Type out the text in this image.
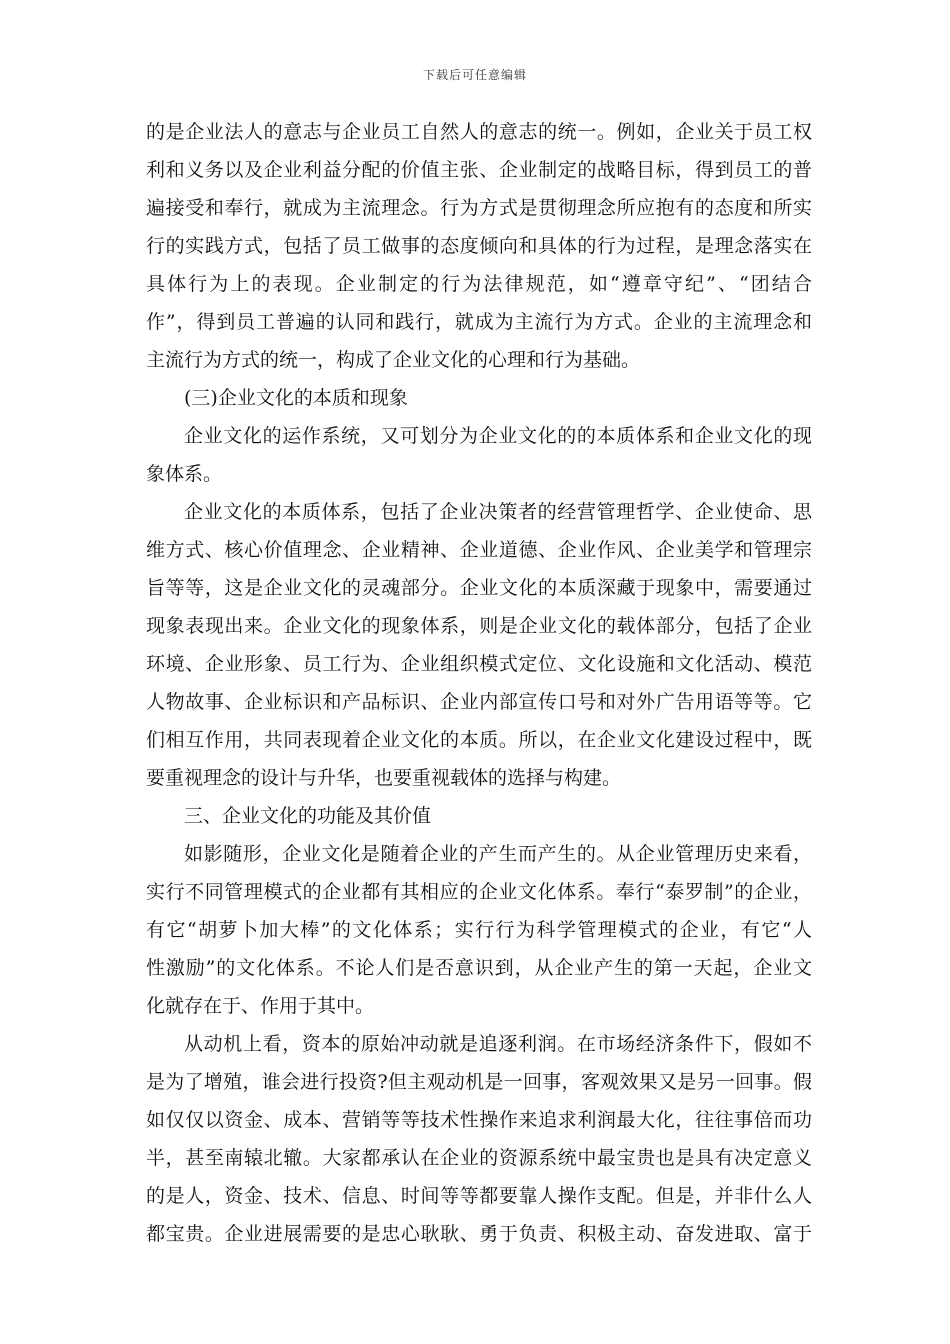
下载后可任意编辑
的是企业法人的意志与企业员工自然人的意志的统一。例如，企业关于员工权
利和义务以及企业利益分配的价值主张、企业制定的战略目标，得到员工的普
遍接受和奉行，就成为主流理念。行为方式是贯彻理念所应抱有的态度和所实
行的实践方式，包括了员工做事的态度倾向和具体的行为过程，是理念落实在
具体行为上的表现。企业制定的行为法律规范，如“遵章守纪”、“团结合
作”，得到员工普遍的认同和践行，就成为主流行为方式。企业的主流理念和
主流行为方式的统一，构成了企业文化的心理和行为基础。
(三)企业文化的本质和现象
企业文化的运作系统，又可划分为企业文化的的本质体系和企业文化的现
象体系。
企业文化的本质体系，包括了企业决策者的经营管理哲学、企业使命、思
维方式、核心价值理念、企业精神、企业道德、企业作风、企业美学和管理宗
旨等等，这是企业文化的灵魂部分。企业文化的本质深藏于现象中，需要通过
现象表现出来。企业文化的现象体系，则是企业文化的载体部分，包括了企业
环境、企业形象、员工行为、企业组织模式定位、文化设施和文化活动、模范
人物故事、企业标识和产品标识、企业内部宣传口号和对外广告用语等等。它
们相互作用，共同表现着企业文化的本质。所以，在企业文化建设过程中，既
要重视理念的设计与升华，也要重视载体的选择与构建。
三、企业文化的功能及其价值
如影随形，企业文化是随着企业的产生而产生的。从企业管理历史来看，
实行不同管理模式的企业都有其相应的企业文化体系。奉行“泰罗制”的企业，
有它“胡萝卜加大棒”的文化体系；实行行为科学管理模式的企业，有它“人
性激励”的文化体系。不论人们是否意识到，从企业产生的第一天起，企业文
化就存在于、作用于其中。
从动机上看，资本的原始冲动就是追逐利润。在市场经济条件下，假如不
是为了增殖，谁会进行投资?但主观动机是一回事，客观效果又是另一回事。假
如仅仅以资金、成本、营销等等技术性操作来追求利润最大化，往往事倍而功
半，甚至南辕北辙。大家都承认在企业的资源系统中最宝贵也是具有决定意义
的是人，资金、技术、信息、时间等等都要靠人操作支配。但是，并非什么人
都宝贵。企业进展需要的是忠心耿耿、勇于负责、积极主动、奋发进取、富于
